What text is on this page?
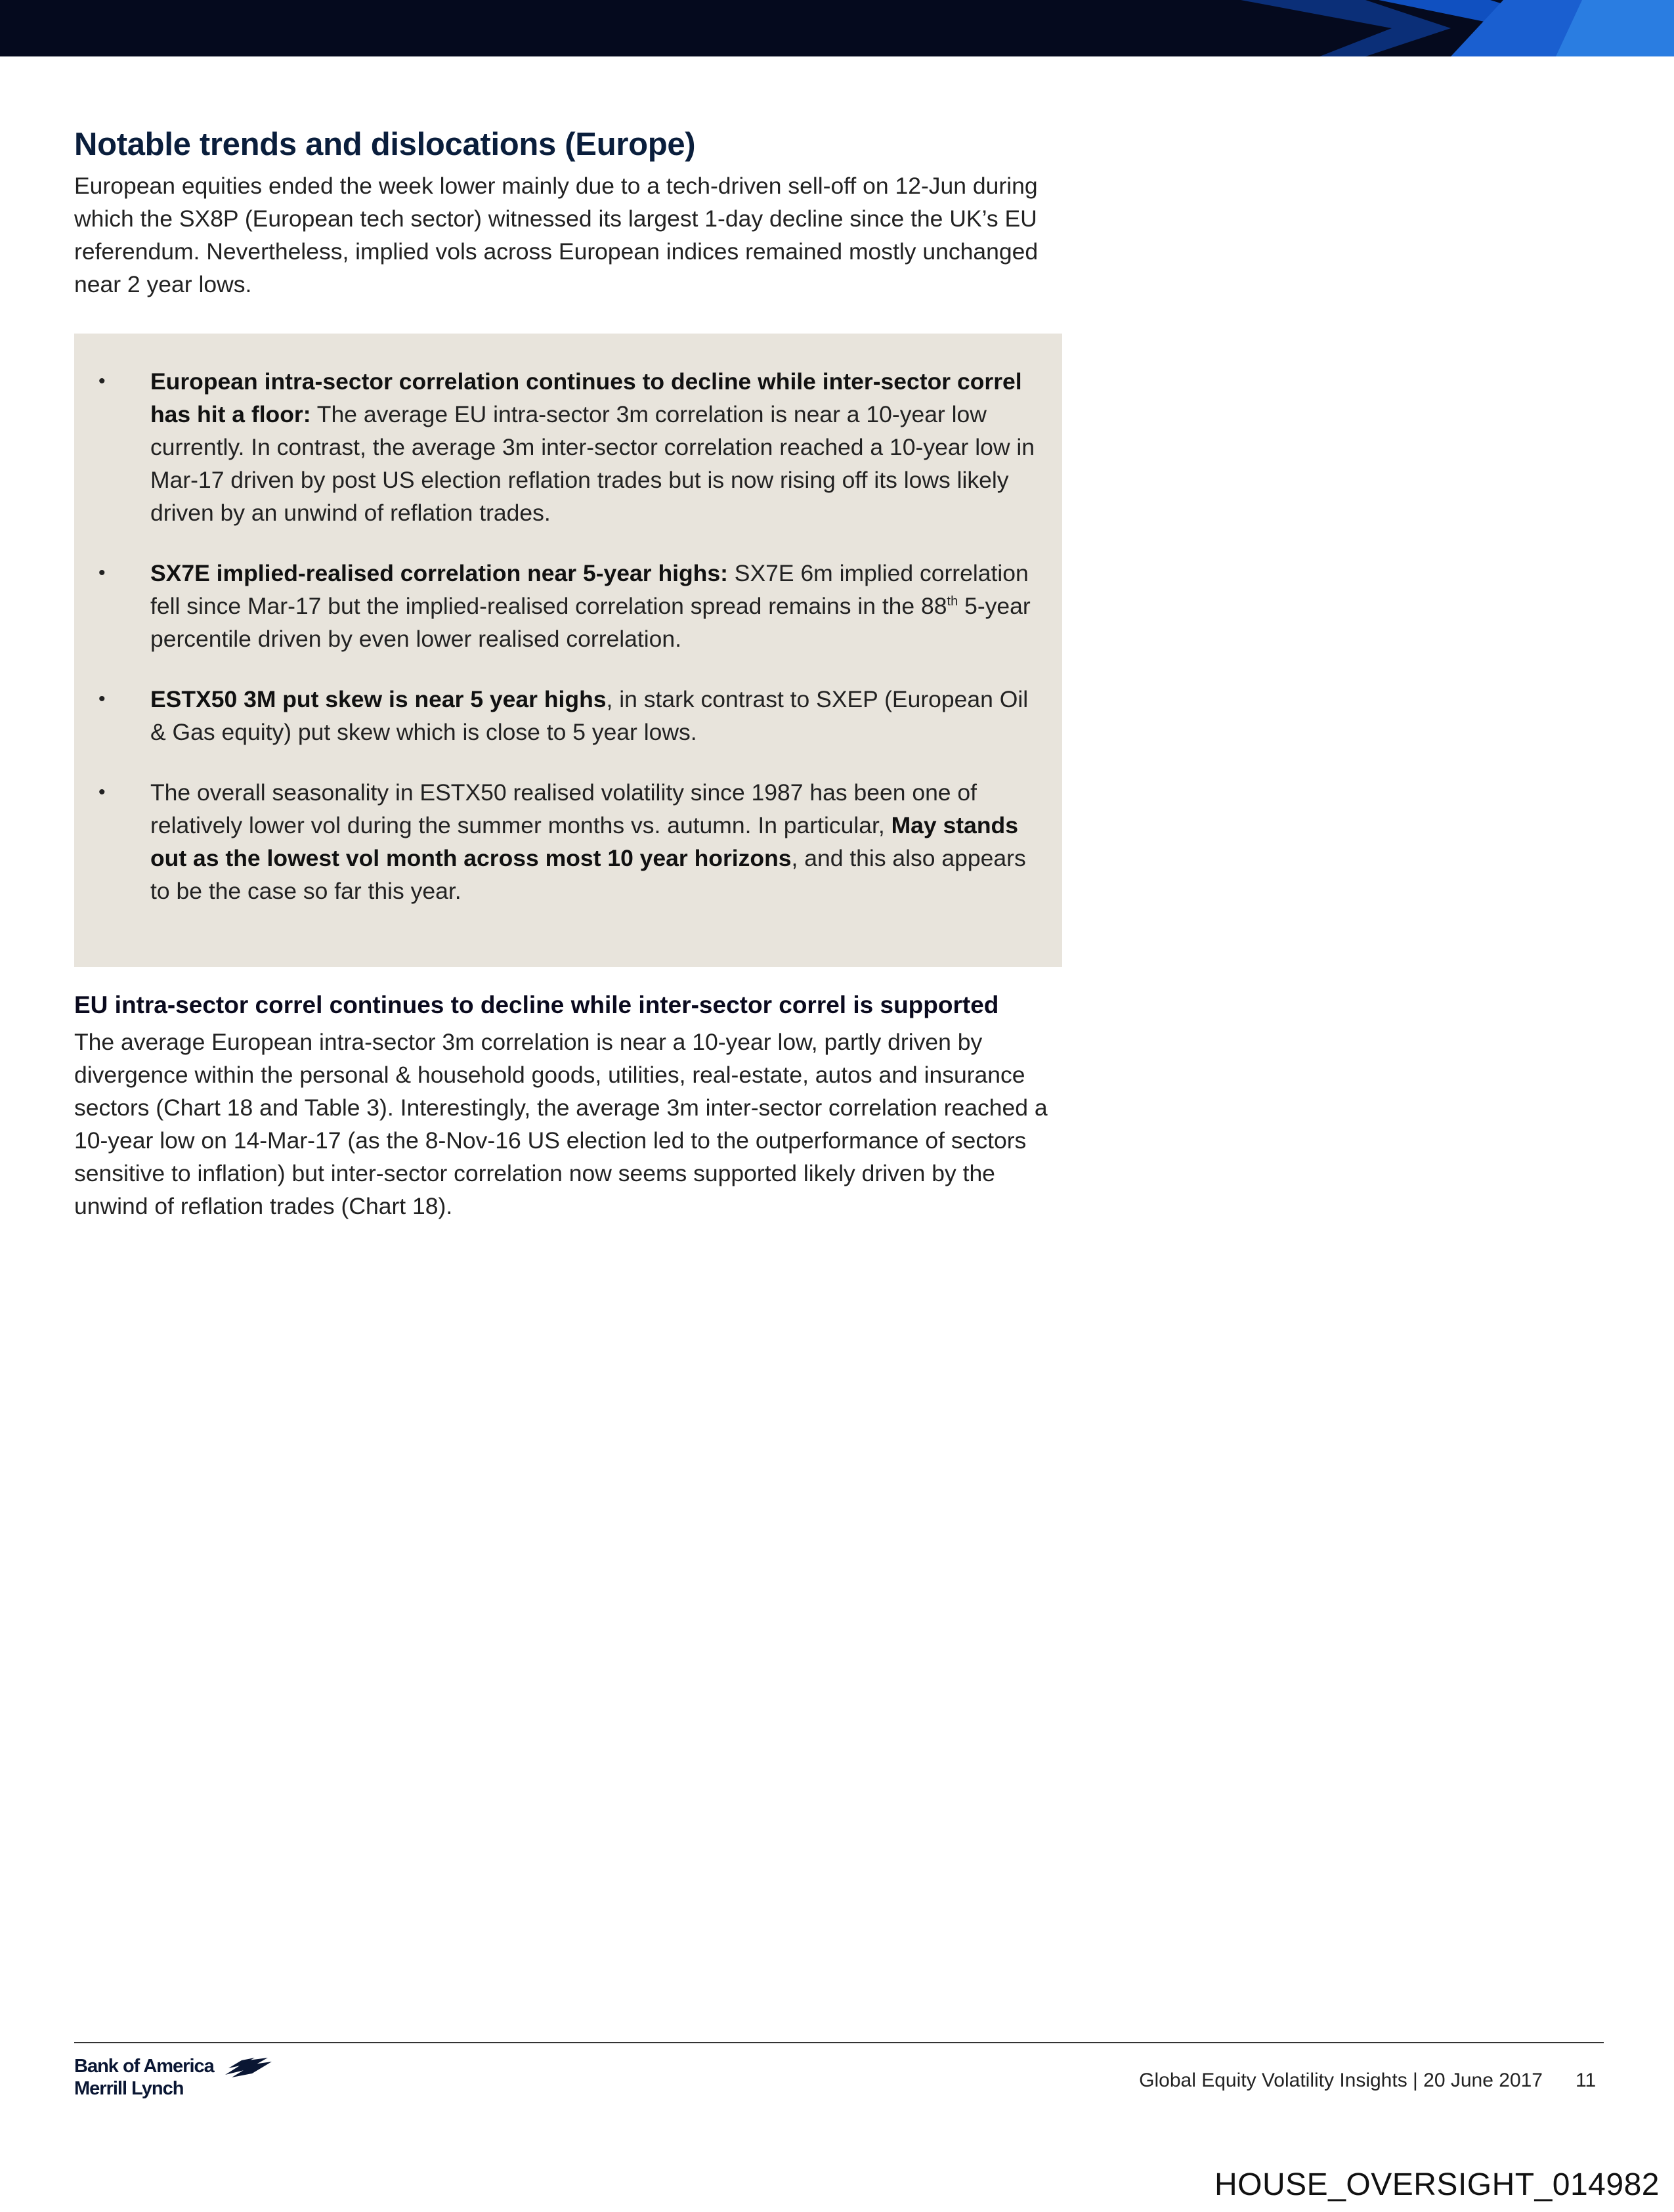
Notable trends and dislocations (Europe)

European equities ended the week lower mainly due to a tech-driven sell-off on 12-Jun during which the SX8P (European tech sector) witnessed its largest 1-day decline since the UK’s EU referendum. Nevertheless, implied vols across European indices remained mostly unchanged near 2 year lows.

• European intra-sector correlation continues to decline while inter-sector correl has hit a floor: The average EU intra-sector 3m correlation is near a 10-year low currently. In contrast, the average 3m inter-sector correlation reached a 10-year low in Mar-17 driven by post US election reflation trades but is now rising off its lows likely driven by an unwind of reflation trades.
• SX7E implied-realised correlation near 5-year highs: SX7E 6m implied correlation fell since Mar-17 but the implied-realised correlation spread remains in the 88th 5-year percentile driven by even lower realised correlation.
• ESTX50 3M put skew is near 5 year highs, in stark contrast to SXEP (European Oil & Gas equity) put skew which is close to 5 year lows.
• The overall seasonality in ESTX50 realised volatility since 1987 has been one of relatively lower vol during the summer months vs. autumn. In particular, May stands out as the lowest vol month across most 10 year horizons, and this also appears to be the case so far this year.
EU intra-sector correl continues to decline while inter-sector correl is supported

The average European intra-sector 3m correlation is near a 10-year low, partly driven by divergence within the personal & household goods, utilities, real-estate, autos and insurance sectors (Chart 18 and Table 3). Interestingly, the average 3m inter-sector correlation reached a 10-year low on 14-Mar-17 (as the 8-Nov-16 US election led to the outperformance of sectors sensitive to inflation) but inter-sector correlation now seems supported likely driven by the unwind of reflation trades (Chart 18).

Bank of America
Merrill Lynch	Global Equity Volatility Insights | 20 June 2017 11
HOUSE_OVERSIGHT_014982
